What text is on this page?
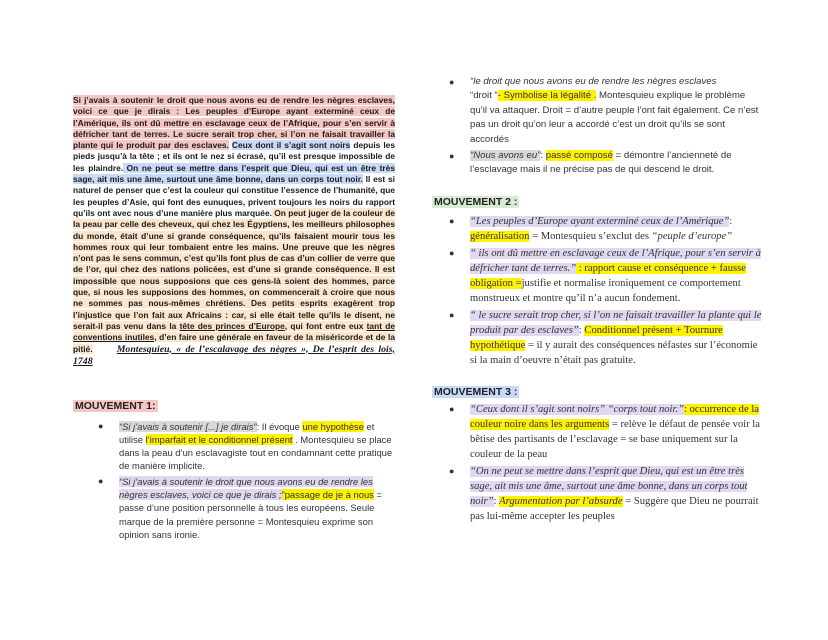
Si j’avais à soutenir le droit que nous avons eu de rendre les nègres esclaves, voici ce que je dirais : Les peuples d’Europe ayant exterminé ceux de l’Amérique, ils ont dû mettre en esclavage ceux de l’Afrique, pour s’en servir à défricher tant de terres. Le sucre serait trop cher, si l’on ne faisait travailler la plante qui le produit par des esclaves. Ceux dont il s’agit sont noirs depuis les pieds jusqu’à la tête ; et ils ont le nez si écrasé, qu’il est presque impossible de les plaindre. On ne peut se mettre dans l’esprit que Dieu, qui est un être très sage, ait mis une âme, surtout une âme bonne, dans un corps tout noir. Il est si naturel de penser que c’est la couleur qui constitue l’essence de l’humanité, que les peuples d’Asie, qui font des eunuques, privent toujours les noirs du rapport qu’ils ont avec nous d’une manière plus marquée. On peut juger de la couleur de la peau par celle des cheveux, qui chez les Égyptiens, les meilleurs philosophes du monde, était d’une si grande conséquence, qu’ils faisaient mourir tous les hommes roux qui leur tombaient entre les mains. Une preuve que les nègres n’ont pas le sens commun, c’est qu’ils font plus de cas d’un collier de verre que de l’or, qui chez des nations policées, est d’une si grande conséquence. Il est impossible que nous supposions que ces gens-là soient des hommes, parce que, si nous les supposions des hommes, on commencerait à croire que nous ne sommes pas nous-mêmes chrétiens. Des petits esprits exagèrent trop l’injustice que l’on fait aux Africains : car, si elle était telle qu’ils le disent, ne serait-il pas venu dans la tête des princes d’Europe, qui font entre eux tant de conventions inutiles, d’en faire une générale en faveur de la miséricorde et de la pitié. Montesquieu, « de l’escalavage des nègres », De l’esprit des lois, 1748
MOUVEMENT 1:
● “Si j’avais à soutenir [...] je dirais”: Il évoque une hypothèse et utilise l’imparfait et le conditionnel présent . Montesquieu se place dans la peau d’un esclavagiste tout en condamnant cette pratique de manière implicite.
● “Si j’avais à soutenir le droit que nous avons eu de rendre les nègres esclaves, voici ce que je dirais ;”passage de je à nous = passe d’une position personnelle à tous les européens. Seule marque de la première personne = Montesquieu exprime son opinion sans ironie.
● “le droit que nous avons eu de rendre les nègres esclaves
“droit “- Symbolise la légalité . Montesquieu explique le problème qu’il va attaquer. Droit = d’autre peuple l’ont fait également. Ce n’est pas un droit qu’on leur a accordé c’est un droit qu’ils se sont accordés
● “Nous avons eu”: passé composé = démontre l’ancienneté de l’esclavage mais il ne précise pas de qui descend le droit.
MOUVEMENT 2 :
● “Les peuples d’Europe ayant exterminé ceux de l’Amérique”: généralisation = Montesquieu s’exclut des “peuple d’europe”
● “ ils ont dû mettre en esclavage ceux de l’Afrique, pour s’en servir à défricher tant de terres.” : rapport cause et conséquence + fausse obligation =justifie et normalise ironiquement ce comportement monstrueux et montre qu’il n’a aucun fondement.
● “ le sucre serait trop cher, si l’on ne faisait travailler la plante qui le produit par des esclaves”: Conditionnel présent + Tournure hypothétique = il y aurait des conséquences néfastes sur l’économie si la main d’oeuvre n’était pas gratuite.
MOUVEMENT 3 :
● “Ceux dont il s’agit sont noirs” “corps tout noir.”: occurrence de la couleur noire dans les arguments = relève le défaut de pensée voir la bêtise des partisants de l’esclavage = se base uniquement sur la couleur de la peau
● “On ne peut se mettre dans l’esprit que Dieu, qui est un être très sage, ait mis une âme, surtout une âme bonne, dans un corps tout noir”: Argumentation par l’absurde = Suggère que Dieu ne pourrait pas lui-même accepter les peuples
